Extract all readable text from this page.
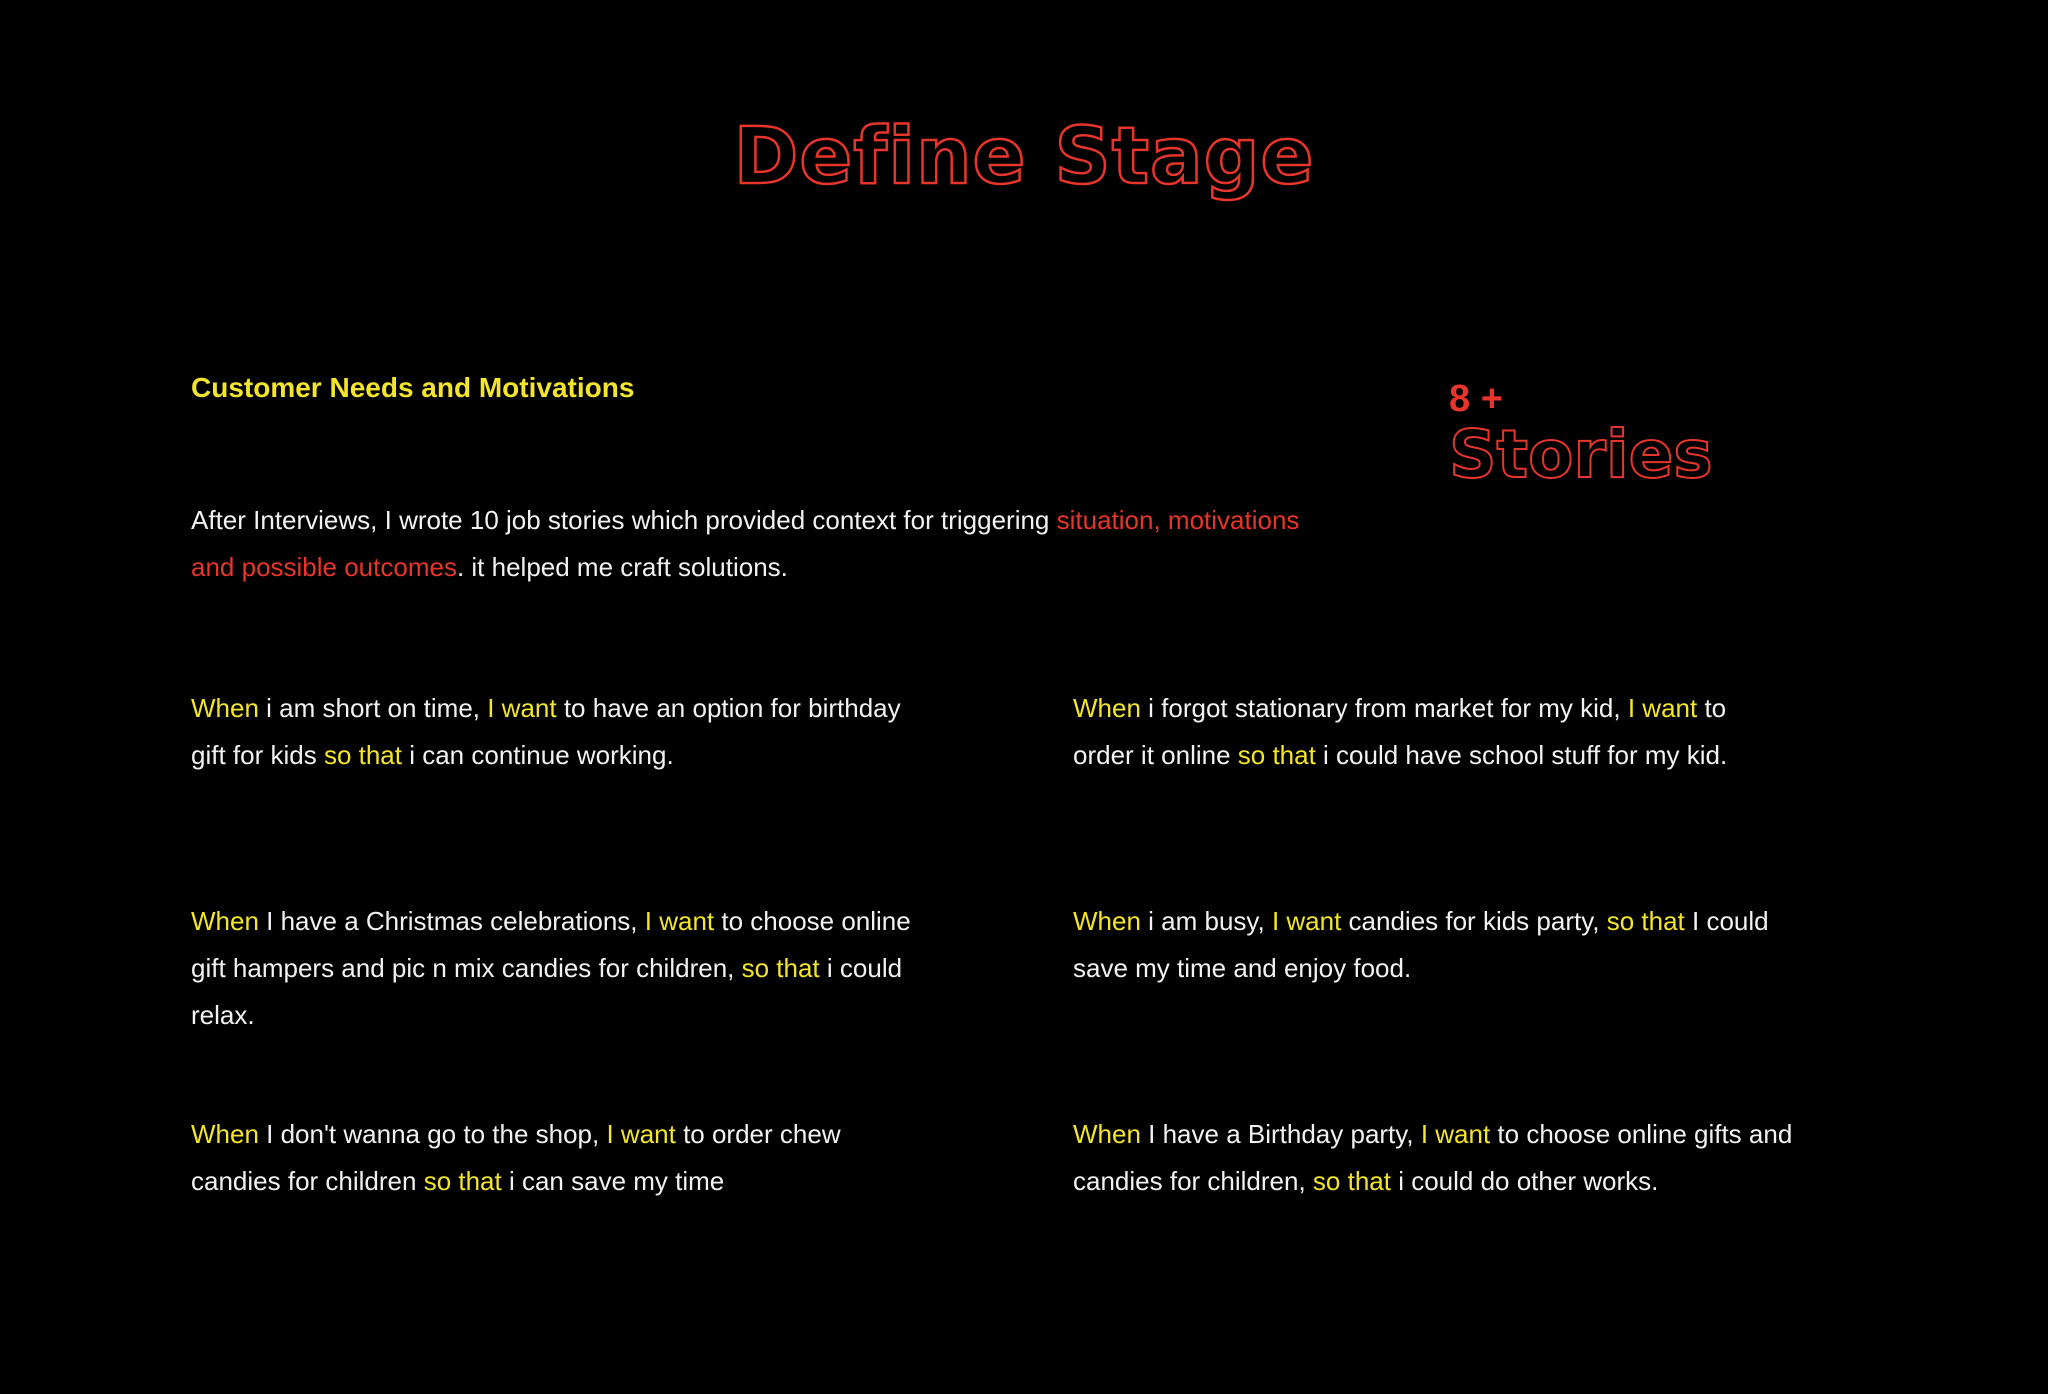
Define Stage
Customer Needs and Motivations	8 +
Stories

After Interviews, I wrote 10 job stories which provided context for triggering situation, motivations and possible outcomes. it helped me craft solutions.

When i am short on time, I want to have an option for birthday gift for kids so that i can continue working.

When i forgot stationary from market for my kid, I want to order it online so that i could have school stuff for my kid.

When I have a Christmas celebrations, I want to choose online gift hampers and pic n mix candies for children, so that i could relax.

When i am busy, I want candies for kids party, so that I could save my time and enjoy food.

When I don't wanna go to the shop, I want to order chew candies for children so that i can save my time

When I have a Birthday party, I want to choose online gifts and candies for children, so that i could do other works.
